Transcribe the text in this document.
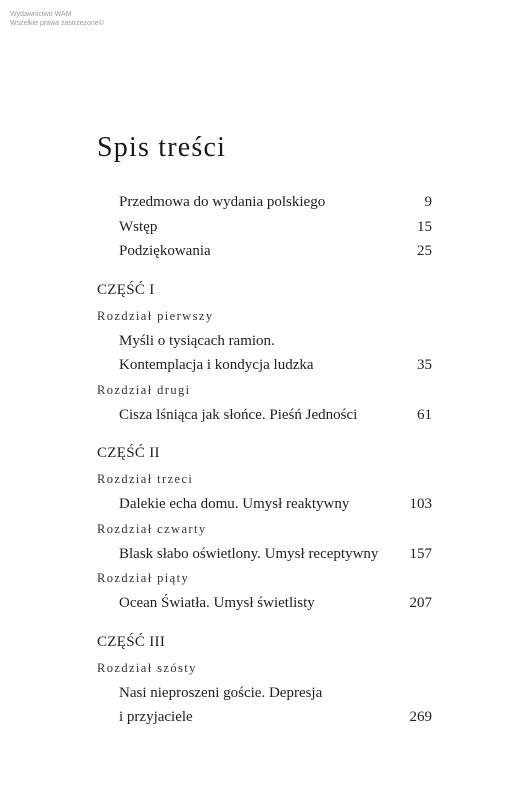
Wydawnictwo WAM
Wszelkie prawa zastrzeżone©
Spis treści
Przedmowa do wydania polskiego	9
Wstęp	15
Podziękowania	25
CZĘŚĆ I
Rozdział pierwszy
Myśli o tysiącach ramion.
Kontemplacja i kondycja ludzka	35
Rozdział drugi
Cisza lśniąca jak słońce. Pieśń Jedności	61
CZĘŚĆ II
Rozdział trzeci
Dalekie echa domu. Umysł reaktywny	103
Rozdział czwarty
Blask słabo oświetlony. Umysł receptywny 157
Rozdział piąty
Ocean Światła. Umysł świetlisty	207
CZĘŚĆ III
Rozdział szósty
Nasi nieproszeni goście. Depresja
i przyjaciele	269
